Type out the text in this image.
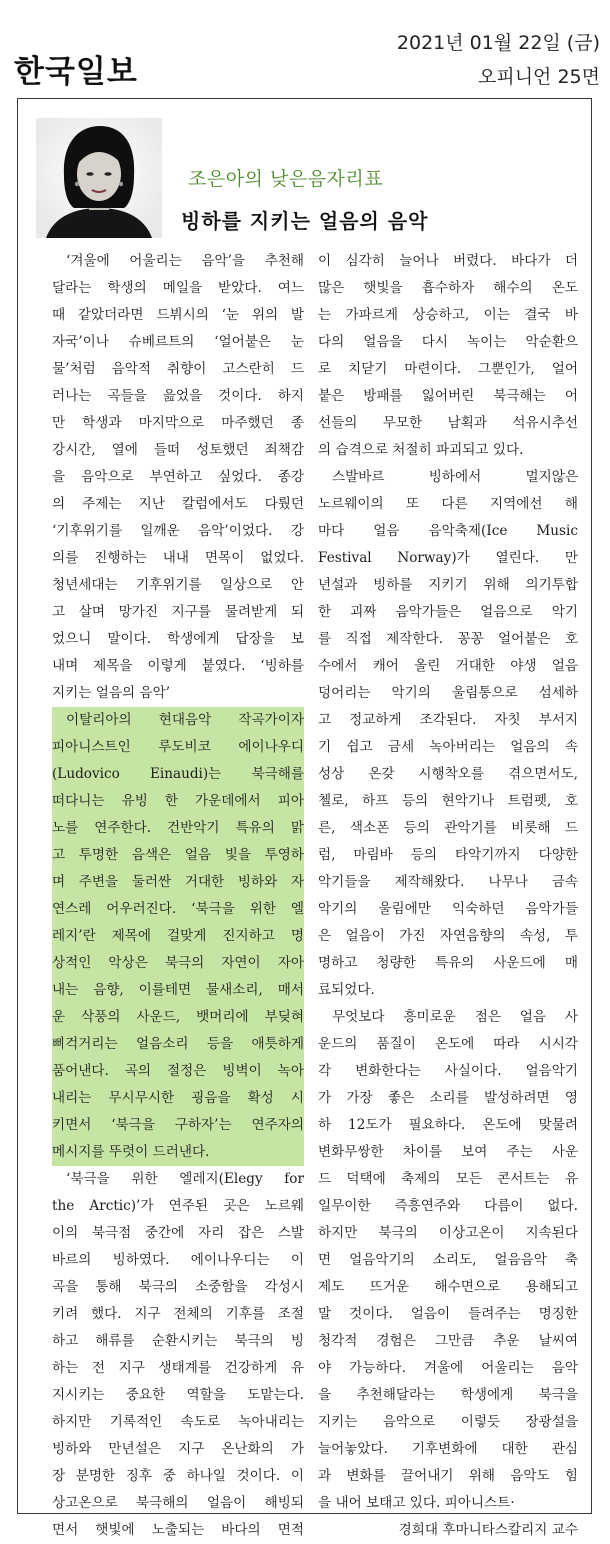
한국일보
2021년 01월 22일 (금)
오피니언 25면
조은아의 낮은음자리표
빙하를 지키는 얼음의 음악
‘겨울에 어울리는 음악’을 추천해
달라는 학생의 메일을 받았다. 여느
때 같았더라면 드뷔시의 ‘눈 위의 발
자국’이나 슈베르트의 ‘얼어붙은 눈
물’처럼 음악적 취향이 고스란히 드
러나는 곡들을 읊었을 것이다. 하지
만 학생과 마지막으로 마주했던 종
강시간, 열에 들떠 성토했던 죄책감
을 음악으로 부연하고 싶었다. 종강
의 주제는 지난 칼럼에서도 다뤘던
‘기후위기를 일깨운 음악’이었다. 강
의를 진행하는 내내 면목이 없었다.
청년세대는 기후위기를 일상으로 안
고 살며 망가진 지구를 물려받게 되
었으니 말이다. 학생에게 답장을 보
내며 제목을 이렇게 붙였다. ‘빙하를
지키는 얼음의 음악’
이탈리아의 현대음악 작곡가이자
피아니스트인 루도비코 에이나우디
(Ludovico Einaudi)는 북극해를
떠다니는 유빙 한 가운데에서 피아
노를 연주한다. 건반악기 특유의 맑
고 투명한 음색은 얼음 빛을 투영하
며 주변을 둘러싼 거대한 빙하와 자
연스레 어우러진다. ‘북극을 위한 엘
레지’란 제목에 걸맞게 진지하고 명
상적인 악상은 북극의 자연이 자아
내는 음향, 이를테면 물새소리, 매서
운 삭풍의 사운드, 뱃머리에 부딪혀
삐걱거리는 얼음소리 등을 애틋하게
품어낸다. 곡의 절정은 빙벽이 녹아
내리는 무시무시한 굉음을 확성 시
키면서 ‘북극을 구하자’는 연주자의
메시지를 뚜렷이 드러낸다.
‘북극을 위한 엘레지(Elegy for
the Arctic)’가 연주된 곳은 노르웨
이의 북극점 중간에 자리 잡은 스발
바르의 빙하였다. 에이나우디는 이
곡을 통해 북극의 소중함을 각성시
키려 했다. 지구 전체의 기후를 조절
하고 해류를 순환시키는 북극의 빙
하는 전 지구 생태계를 건강하게 유
지시키는 중요한 역할을 도맡는다.
하지만 기록적인 속도로 녹아내리는
빙하와 만년설은 지구 온난화의 가
장 분명한 징후 중 하나일 것이다. 이
상고온으로 북극해의 얼음이 해빙되
면서 햇빛에 노출되는 바다의 면적
이 심각히 늘어나 버렸다. 바다가 더
많은 햇빛을 흡수하자 해수의 온도
는 가파르게 상승하고, 이는 결국 바
다의 얼음을 다시 녹이는 악순환으
로 치닫기 마련이다. 그뿐인가, 얼어
붙은 방패를 잃어버린 북극해는 어
선들의 무모한 남획과 석유시추선
의 습격으로 처절히 파괴되고 있다.
스발바르 빙하에서 멀지않은
노르웨이의 또 다른 지역에선 해
마다 얼음 음악축제(Ice Music
Festival Norway)가 열린다. 만
년설과 빙하를 지키기 위해 의기투합
한 괴짜 음악가들은 얼음으로 악기
를 직접 제작한다. 꽁꽁 얼어붙은 호
수에서 캐어 올린 거대한 야생 얼음
덩어리는 악기의 울림통으로 섬세하
고 정교하게 조각된다. 자칫 부서지
기 쉽고 금세 녹아버리는 얼음의 속
성상 온갖 시행착오를 겪으면서도,
첼로, 하프 등의 현악기나 트럼펫, 호
른, 색소폰 등의 관악기를 비롯해 드
럼, 마림바 등의 타악기까지 다양한
악기들을 제작해왔다. 나무나 금속
악기의 울림에만 익숙하던 음악가들
은 얼음이 가진 자연음향의 속성, 투
명하고 청량한 특유의 사운드에 매
료되었다.
무엇보다 흥미로운 점은 얼음 사
운드의 품질이 온도에 따라 시시각
각 변화한다는 사실이다. 얼음악기
가 가장 좋은 소리를 발성하려면 영
하 12도가 필요하다. 온도에 맞물려
변화무쌍한 차이를 보여 주는 사운
드 덕택에 축제의 모든 콘서트는 유
일무이한 즉흥연주와 다름이 없다.
하지만 북극의 이상고온이 지속된다
면 얼음악기의 소리도, 얼음음악 축
제도 뜨거운 해수면으로 용해되고
말 것이다. 얼음이 들려주는 명징한
청각적 경험은 그만큼 추운 날씨여
야 가능하다. 겨울에 어울리는 음악
을 추천해달라는 학생에게 북극을
지키는 음악으로 이렇듯 장광설을
늘어놓았다. 기후변화에 대한 관심
과 변화를 끌어내기 위해 음악도 힘
을 내어 보태고 있다. 피아니스트·
경희대 후마니타스칼리지 교수
